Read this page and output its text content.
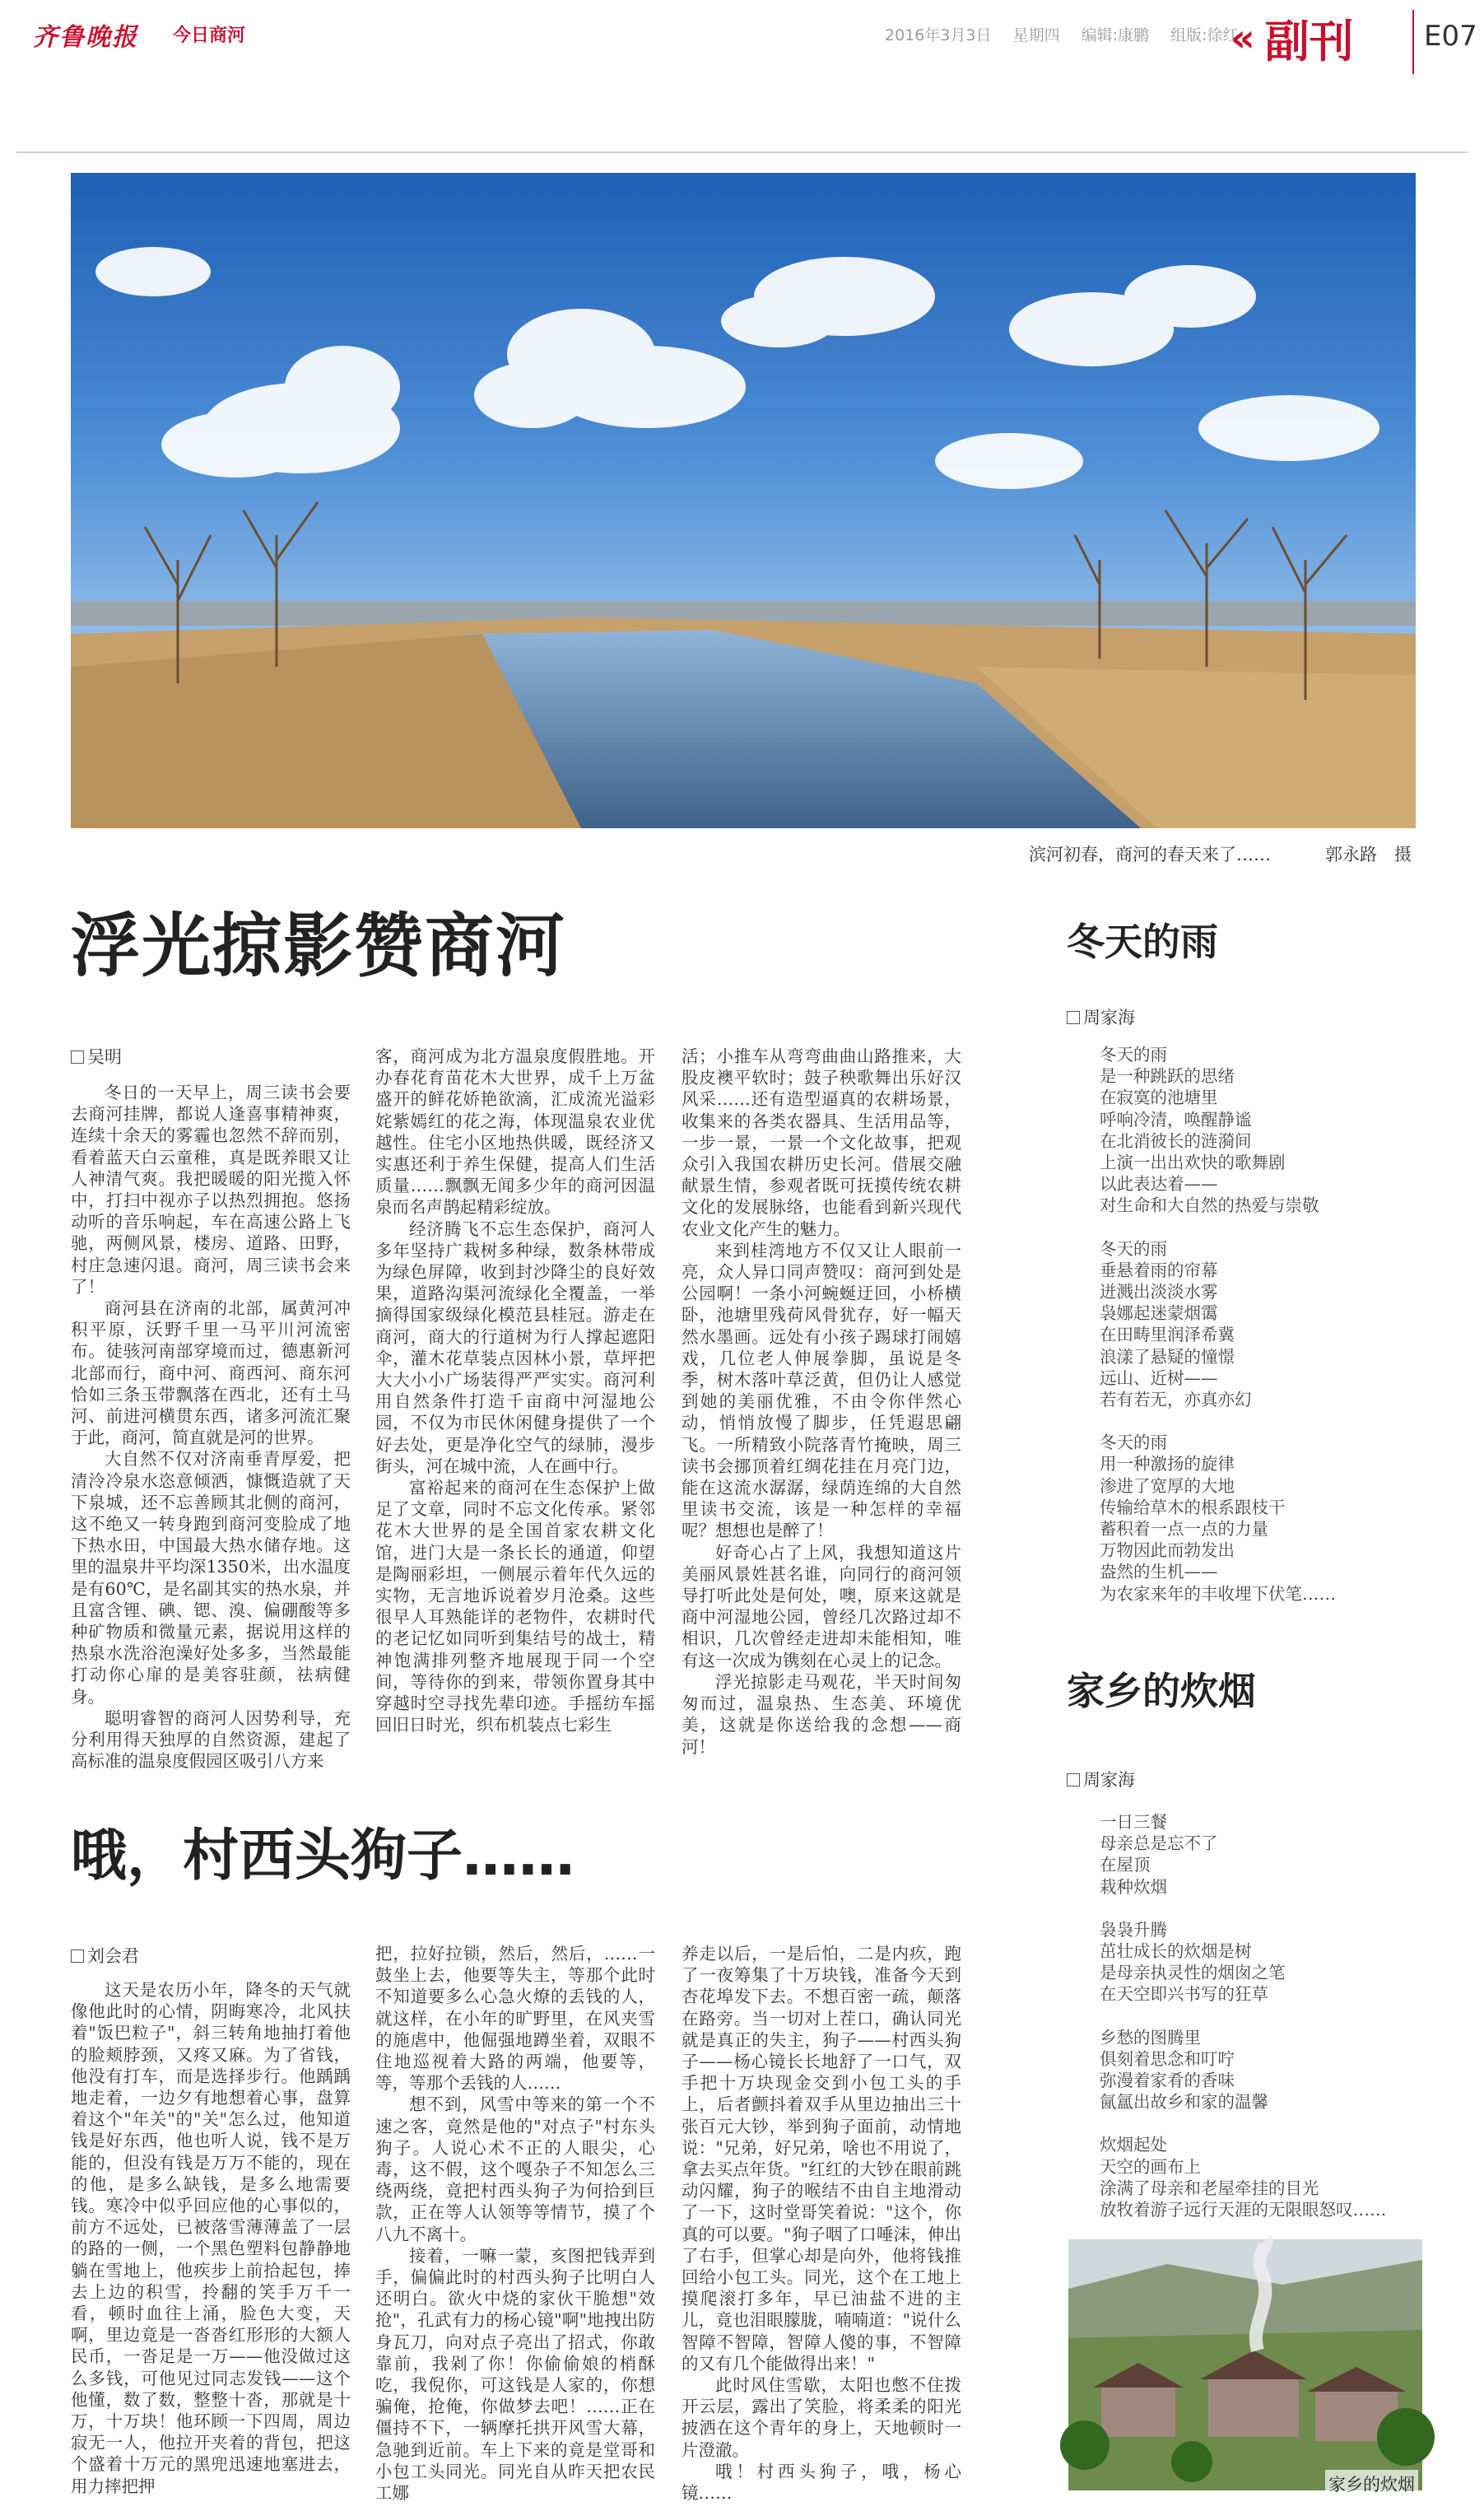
齐鲁晚报 今日商河	2016年3月3日 星期四 编辑:康鹏 组版:徐红
« 副刊	E07
滨河初春，商河的春天来了……	郭永路　摄
浮光掠影赞商河
吴明

冬日的一天早上，周三读书会要去商河挂牌，都说人逢喜事精神爽，连续十余天的雾霾也忽然不辞而别，看着蓝天白云童稚，真是既养眼又让人神清气爽。我把暖暖的阳光揽入怀中，打扫中视亦子以热烈拥抱。悠扬动听的音乐响起，车在高速公路上飞驰，两侧风景，楼房、道路、田野，村庄急速闪退。商河，周三读书会来了！

商河县在济南的北部，属黄河冲积平原，沃野千里一马平川河流密布。徒骇河南部穿境而过，德惠新河北部而行，商中河、商西河、商东河恰如三条玉带飘落在西北，还有土马河、前进河横贯东西，诸多河流汇聚于此，商河，简直就是河的世界。

大自然不仅对济南垂青厚爱，把清泠冷泉水恣意倾洒，慷慨造就了天下泉城，还不忘善顾其北侧的商河，这不绝又一转身跑到商河变脸成了地下热水田，中国最大热水储存地。这里的温泉井平均深1350米，出水温度是有60℃，是名副其实的热水泉，并且富含锂、碘、锶、溴、偏硼酸等多种矿物质和微量元素，据说用这样的热泉水洗浴泡澡好处多多，当然最能打动你心扉的是美容驻颜，祛病健身。

聪明睿智的商河人因势利导，充分利用得天独厚的自然资源，建起了高标准的温泉度假园区吸引八方来

客，商河成为北方温泉度假胜地。开办春花育苗花木大世界，成千上万盆盛开的鲜花娇艳欲滴，汇成流光溢彩姹紫嫣红的花之海，体现温泉农业优越性。住宅小区地热供暖，既经济又实惠还利于养生保健，提高人们生活质量……飘飘无闻多少年的商河因温泉而名声鹊起精彩绽放。

经济腾飞不忘生态保护，商河人多年坚持广栽树多种绿，数条林带成为绿色屏障，收到封沙降尘的良好效果，道路沟渠河流绿化全覆盖，一举摘得国家级绿化模范县桂冠。游走在商河，商大的行道树为行人撑起遮阳伞，灌木花草装点因林小景，草坪把大大小小广场装得严严实实。商河利用自然条件打造千亩商中河湿地公园，不仅为市民休闲健身提供了一个好去处，更是净化空气的绿肺，漫步街头，河在城中流，人在画中行。

富裕起来的商河在生态保护上做足了文章，同时不忘文化传承。紧邻花木大世界的是全国首家农耕文化馆，进门大是一条长长的通道，仰望是陶丽彩坦，一侧展示着年代久远的实物，无言地诉说着岁月沧桑。这些很早人耳熟能详的老物件，农耕时代的老记忆如同听到集结号的战士，精神饱满排列整齐地展现于同一个空间，等待你的到来，带领你置身其中穿越时空寻找先辈印迹。手摇纺车摇回旧日时光，织布机装点七彩生

活；小推车从弯弯曲曲山路推来，大股皮襖平软时；鼓子秧歌舞出乐好汉风采……还有造型逼真的农耕场景，收集来的各类农器具、生活用品等，一步一景，一景一个文化故事，把观众引入我国农耕历史长河。借展交融献景生情，参观者既可抚摸传统农耕文化的发展脉络，也能看到新兴现代农业文化产生的魅力。

来到桂湾地方不仅又让人眼前一亮，众人异口同声赞叹：商河到处是公园啊！一条小河蜿蜒迂回，小桥横卧，池塘里残荷风骨犹存，好一幅天然水墨画。远处有小孩子踢球打闹嬉戏，几位老人伸展拳脚，虽说是冬季，树木落叶草泛黄，但仍让人感觉到她的美丽优雅，不由令你伴然心动，悄悄放慢了脚步，任凭遐思翩飞。一所精致小院落青竹掩映，周三读书会挪顶着红绸花挂在月亮门边，能在这流水潺潺，绿荫连绵的大自然里读书交流，该是一种怎样的幸福呢？想想也是醉了！

好奇心占了上风，我想知道这片美丽风景姓甚名谁，向同行的商河领导打听此处是何处，噢，原来这就是商中河湿地公园，曾经几次路过却不相识，几次曾经走进却未能相知，唯有这一次成为镌刻在心灵上的记念。

浮光掠影走马观花，半天时间匆匆而过，温泉热、生态美、环境优美，这就是你送给我的念想——商河！

哦，村西头狗子……
刘会君

这天是农历小年，降冬的天气就像他此时的心情，阴晦寒冷，北风扶着"饭巴粒子"，斜三转角地抽打着他的脸颊脖颈，又疼又麻。为了省钱，他没有打车，而是选择步行。他踽踽地走着，一边夕有地想着心事，盘算着这个"年关"的"关"怎么过，他知道钱是好东西，他也听人说，钱不是万能的，但没有钱是万万不能的，现在的他，是多么缺钱，是多么地需要钱。寒冷中似乎回应他的心事似的，前方不远处，已被落雪薄薄盖了一层的路的一侧，一个黑色塑料包静静地躺在雪地上，他疾步上前拾起包，捧去上边的积雪，拎翻的笑手万千一看，顿时血往上涌，脸色大变，天啊，里边竟是一沓沓红形形的大额人民币，一沓足是一万——他没做过这么多钱，可他见过同志发钱——这个他懂，数了数，整整十沓，那就是十万，十万块！他环顾一下四周，周边寂无一人，他拉开夹着的背包，把这个盛着十万元的黑兜迅速地塞进去，用力摔把押

把，拉好拉锁，然后，然后，……一鼓坐上去，他要等失主，等那个此时不知道要多么心急火燎的丢钱的人，就这样，在小年的旷野里，在风夹雪的施虐中，他倔强地蹲坐着，双眼不住地巡视着大路的两端，他要等，等，等那个丢钱的人……

想不到，风雪中等来的第一个不速之客，竟然是他的"对点子"村东头狗子。人说心术不正的人眼尖，心毒，这不假，这个嘎杂子不知怎么三绕两绕，竟把村西头狗子为何拾到巨款，正在等人认领等等情节，摸了个八九不离十。

接着，一嘛一蒙，亥图把钱弄到手，偏偏此时的村西头狗子比明白人还明白。欲火中烧的家伙干脆想"效抢"，孔武有力的杨心镜"啊"地拽出防身瓦刀，向对点子亮出了招式，你敢靠前，我剁了你！你偷偷娘的梢酥吃，我倪你，可这钱是人家的，你想骗俺，抢俺，你做梦去吧！……正在僵持不下，一辆摩托拱开风雪大幕，急驰到近前。车上下来的竟是堂哥和小包工头同光。同光自从昨天把农民工娜

养走以后，一是后怕，二是内疚，跑了一夜筹集了十万块钱，准备今天到杏花埠发下去。不想百密一疏，颠落在路旁。当一切对上茬口，确认同光就是真正的失主，狗子——村西头狗子——杨心镜长长地舒了一口气，双手把十万块现金交到小包工头的手上，后者颤抖着双手从里边抽出三十张百元大钞，举到狗子面前，动情地说："兄弟，好兄弟，啥也不用说了，拿去买点年货。"红红的大钞在眼前跳动闪耀，狗子的喉结不由自主地滑动了一下，这时堂哥笑着说："这个，你真的可以要。"狗子咽了口唾沫，伸出了右手，但掌心却是向外，他将钱推回给小包工头。同光，这个在工地上摸爬滚打多年，早已油盐不进的主儿，竟也泪眼朦胧，喃喃道："说什么智障不智障，智障人傻的事，不智障的又有几个能做得出来！"

此时风住雪歇，太阳也憋不住拨开云层，露出了笑脸，将柔柔的阳光披洒在这个青年的身上，天地顿时一片澄澈。

哦！村西头狗子，哦，杨心镜……

冬天的雨
周家海

冬天的雨
是一种跳跃的思绪
在寂寞的池塘里
呼响冷清，唤醒静谧
在北消彼长的涟漪间
上演一出出欢快的歌舞剧
以此表达着——
对生命和大自然的热爱与崇敬

冬天的雨
垂悬着雨的帘幕
迸溅出淡淡水雾
袅娜起迷蒙烟霭
在田畴里润泽希冀
浪漾了悬疑的憧憬
远山、近树——
若有若无，亦真亦幻

冬天的雨
用一种激扬的旋律
渗进了宽厚的大地
传输给草木的根系跟枝干
蓄积着一点一点的力量
万物因此而勃发出
盎然的生机——
为农家来年的丰收埋下伏笔……

家乡的炊烟
周家海

一日三餐
母亲总是忘不了
在屋顶
栽种炊烟

袅袅升腾
茁壮成长的炊烟是树
是母亲执灵性的烟囱之笔
在天空即兴书写的狂草

乡愁的图腾里
俱刻着思念和叮咛
弥漫着家肴的香味
氤氲出故乡和家的温馨

炊烟起处
天空的画布上
涂满了母亲和老屋牵挂的目光
放牧着游子远行天涯的无限眼怒叹……

家乡的炊烟
